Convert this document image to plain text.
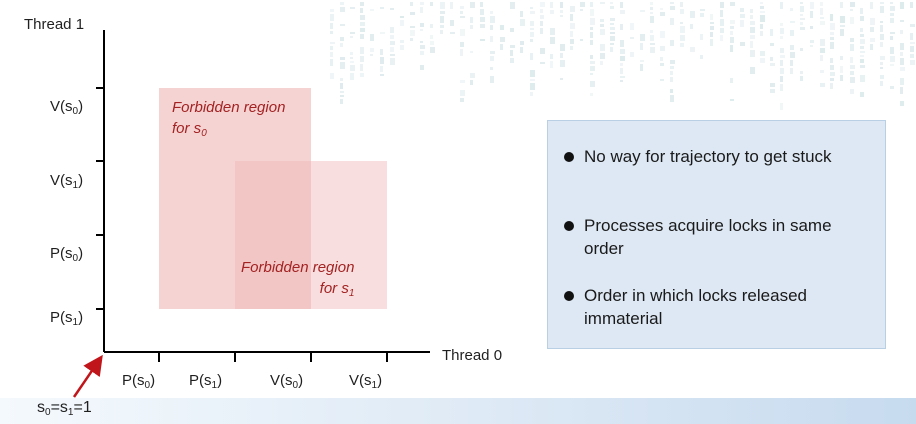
Thread 1
Thread 0
$V(s_0)$
$V(s_1)$
$P(s_0)$
$P(s_1)$
$P(s_0)$ $P(s_1)$	$V(s_0)$	$V(s_1)$
Forbidden region
for $s_0$
Forbidden region
for $s_1$
$s_0=s_1=1$
No way for trajectory to get stuck
Processes acquire locks in same order
Order in which locks released immaterial
